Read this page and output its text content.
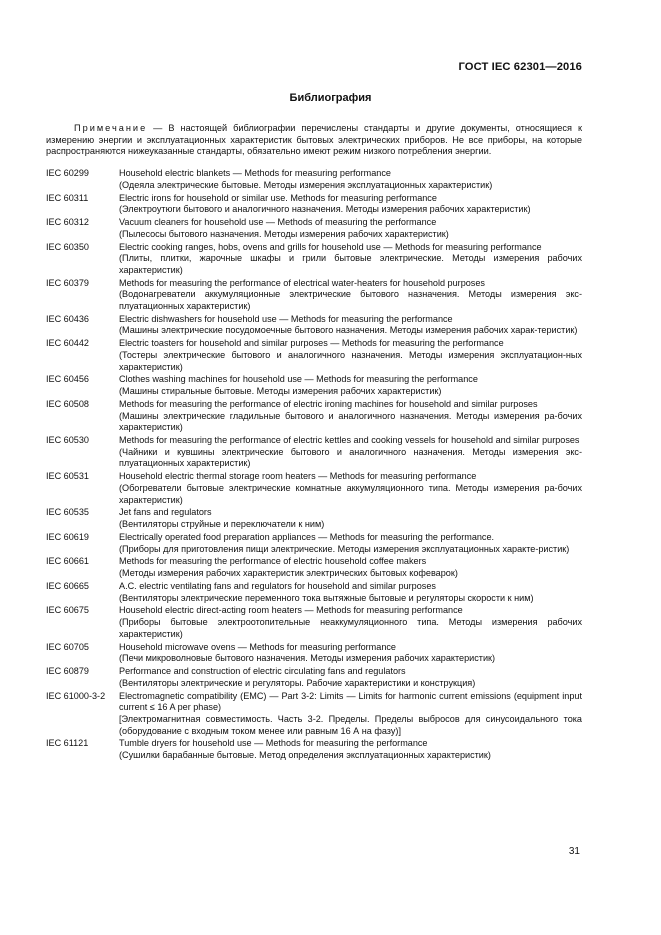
ГОСТ IEC 62301—2016
Библиография
Примечание — В настоящей библиографии перечислены стандарты и другие документы, относящиеся к измерению энергии и эксплуатационных характеристик бытовых электрических приборов. Не все приборы, на которые распространяются нижеуказанные стандарты, обязательно имеют режим низкого потребления энергии.
IEC 60299	Household electric blankets — Methods for measuring performance
(Одеяла электрические бытовые. Методы измерения эксплуатационных характеристик)
IEC 60311	Electric irons for household or similar use. Methods for measuring performance
(Электроутюги бытового и аналогичного назначения. Методы измерения рабочих характеристик)
IEC 60312	Vacuum cleaners for household use — Methods of measuring the performance
(Пылесосы бытового назначения. Методы измерения рабочих характеристик)
IEC 60350	Electric cooking ranges, hobs, ovens and grills for household use — Methods for measuring performance
(Плиты, плитки, жарочные шкафы и грили бытовые электрические. Методы измерения рабочих характеристик)
IEC 60379	Methods for measuring the performance of electrical water-heaters for household purposes
(Водонагреватели аккумуляционные электрические бытового назначения. Методы измерения экс-плуатационных характеристик)
IEC 60436	Electric dishwashers for household use — Methods for measuring the performance
(Машины электрические посудомоечные бытового назначения. Методы измерения рабочих харак-теристик)
IEC 60442	Electric toasters for household and similar purposes — Methods for measuring the performance
(Тостеры электрические бытового и аналогичного назначения. Методы измерения эксплуатацион-ных характеристик)
IEC 60456	Clothes washing machines for household use — Methods for measuring the performance
(Машины стиральные бытовые. Методы измерения рабочих характеристик)
IEC 60508	Methods for measuring the performance of electric ironing machines for household and similar purposes
(Машины электрические гладильные бытового и аналогичного назначения. Методы измерения ра-бочих характеристик)
IEC 60530	Methods for measuring the performance of electric kettles and cooking vessels for household and similar purposes
(Чайники и кувшины электрические бытового и аналогичного назначения. Методы измерения экс-плуатационных характеристик)
IEC 60531	Household electric thermal storage room heaters — Methods for measuring performance
(Обогреватели бытовые электрические комнатные аккумуляционного типа. Методы измерения ра-бочих характеристик)
IEC 60535	Jet fans and regulators
(Вентиляторы струйные и переключатели к ним)
IEC 60619	Electrically operated food preparation appliances — Methods for measuring the performance.
(Приборы для приготовления пищи электрические. Методы измерения эксплуатационных характе-ристик)
IEC 60661	Methods for measuring the performance of electric household coffee makers
(Методы измерения рабочих характеристик электрических бытовых кофеварок)
IEC 60665	A.C. electric ventilating fans and regulators for household and similar purposes
(Вентиляторы электрические переменного тока вытяжные бытовые и регуляторы скорости к ним)
IEC 60675	Household electric direct-acting room heaters — Methods for measuring performance
(Приборы бытовые электроотопительные неаккумуляционного типа. Методы измерения рабочих характеристик)
IEC 60705	Household microwave ovens — Methods for measuring performance
(Печи микроволновые бытового назначения. Методы измерения рабочих характеристик)
IEC 60879	Performance and construction of electric circulating fans and regulators
(Вентиляторы электрические и регуляторы. Рабочие характеристики и конструкция)
IEC 61000-3-2	Electromagnetic compatibility (EMC) — Part 3-2: Limits — Limits for harmonic current emissions (equipment input current ≤ 16 A per phase)
[Электромагнитная совместимость. Часть 3-2. Пределы. Пределы выбросов для синусоидального тока (оборудование с входным током менее или равным 16 А на фазу)]
IEC 61121	Tumble dryers for household use — Methods for measuring the performance
(Сушилки барабанные бытовые. Метод определения эксплуатационных характеристик)
31
